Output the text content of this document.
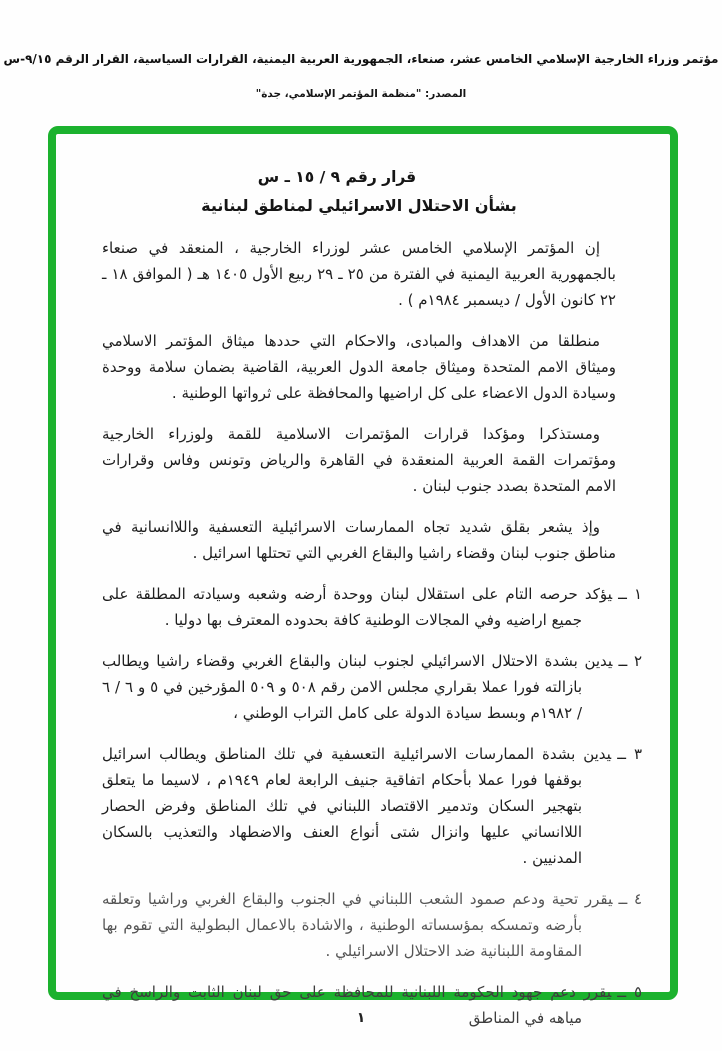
مؤتمر وزراء الخارجية الإسلامي الخامس عشر، صنعاء، الجمهورية العربية اليمنية، القرارات السياسية، القرار الرقم ٩/١٥-س
المصدر: "منظمة المؤتمر الإسلامي، جدة"
قرار رقم ٩ / ١٥ ـ س
بشأن الاحتلال الاسرائيلي لمناطق لبنانية

إن المؤتمر الإسلامي الخامس عشر لوزراء الخارجية ، المنعقد في صنعاء بالجمهورية العربية اليمنية في الفترة من ٢٥ ـ ٢٩ ربيع الأول ١٤٠٥ هـ ( الموافق ١٨ ـ ٢٢ كانون الأول / ديسمبر ١٩٨٤م ) .

منطلقا من الاهداف والمبادى، والاحكام التي حددها ميثاق المؤتمر الاسلامي وميثاق الامم المتحدة وميثاق جامعة الدول العربية، القاضية بضمان سلامة ووحدة وسيادة الدول الاعضاء على كل اراضيها والمحافظة على ثرواتها الوطنية .

ومستذكرا ومؤكدا قرارات المؤتمرات الاسلامية للقمة ولوزراء الخارجية ومؤتمرات القمة العربية المنعقدة في القاهرة والرياض وتونس وفاس وقرارات الامم المتحدة بصدد جنوب لبنان .

وإذ يشعر بقلق شديد تجاه الممارسات الاسرائيلية التعسفية واللاانسانية في مناطق جنوب لبنان وقضاء راشيا والبقاع الغربي التي تحتلها اسرائيل .

١ ــيؤكد حرصه التام على استقلال لبنان ووحدة أرضه وشعبه وسيادته المطلقة على جميع اراضيه وفي المجالات الوطنية كافة بحدوده المعترف بها دوليا .
٢ ــيدين بشدة الاحتلال الاسرائيلي لجنوب لبنان والبقاع الغربي وقضاء راشيا ويطالب بازالته فورا عملا بقراري مجلس الامن رقم ٥٠٨ و ٥٠٩ المؤرخين في ٥ و ٦ / ٦ / ١٩٨٢م وبسط سيادة الدولة على كامل التراب الوطني ،
٣ ــيدين بشدة الممارسات الاسرائيلية التعسفية في تلك المناطق ويطالب اسرائيل بوقفها فورا عملا بأحكام اتفاقية جنيف الرابعة لعام ١٩٤٩م ، لاسيما ما يتعلق بتهجير السكان وتدمير الاقتصاد اللبناني في تلك المناطق وفرض الحصار اللاانساني عليها وانزال شتى أنواع العنف والاضطهاد والتعذيب بالسكان المدنيين .
٤ ــيقرر تحية ودعم صمود الشعب اللبناني في الجنوب والبقاع الغربي وراشيا وتعلقه بأرضه وتمسكه بمؤسساته الوطنية ، والاشادة بالاعمال البطولية التي تقوم بها المقاومة اللبنانية ضد الاحتلال الاسرائيلي .
٥ ــيقرر دعم جهود الحكومة اللبنانية للمحافظة على حق لبنان الثابت والراسخ في مياهه في المناطق
١
